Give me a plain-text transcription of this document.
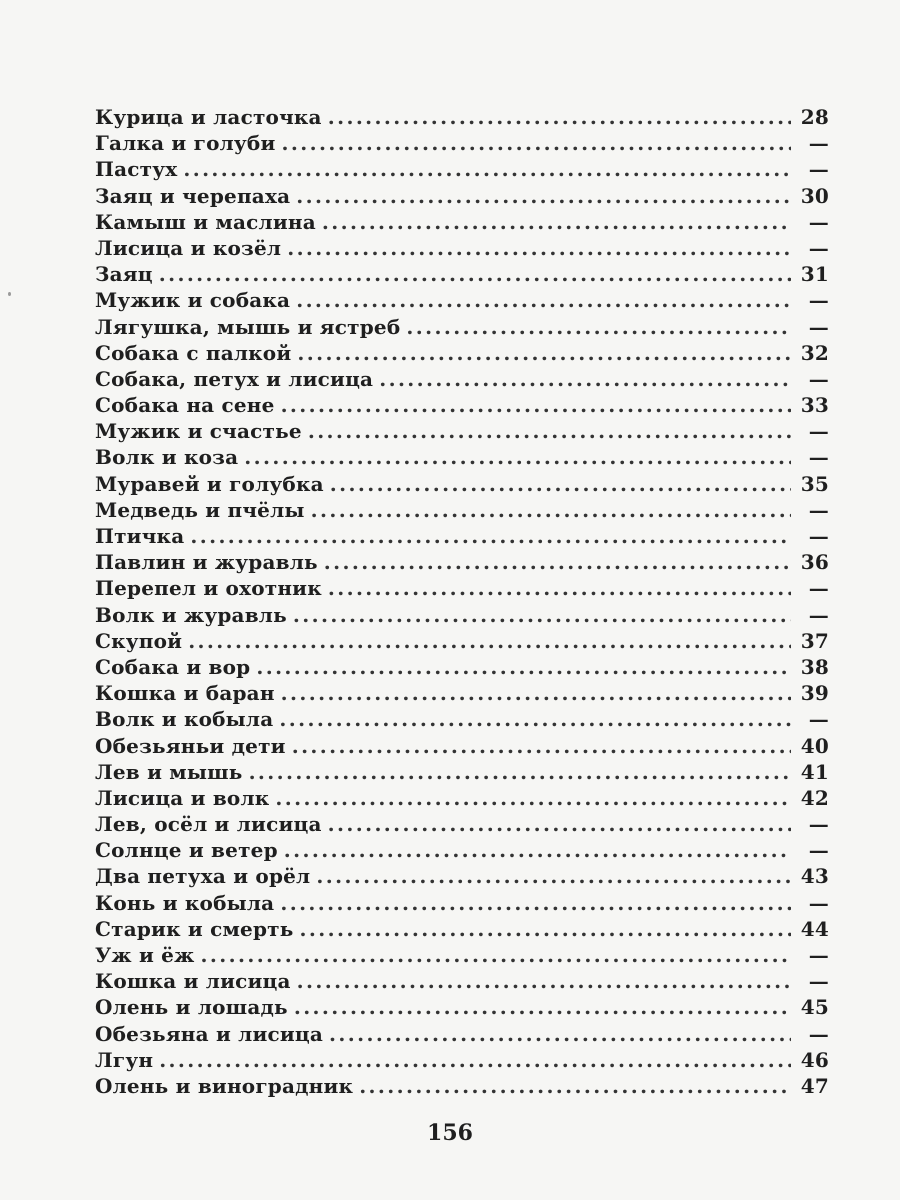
Курица и ласточка .....	28
Галка и голуби .....	—
Пастух .....	—
Заяц и черепаха .....	30
Камыш и маслина .....	—
Лисица и козёл .....	—
Заяц .....	31
Мужик и собака .....	—
Лягушка, мышь и ястреб .....	—
Собака с палкой .....	32
Собака, петух и лисица .....	—
Собака на сене .....	33
Мужик и счастье .....	—
Волк и коза .....	—
Муравей и голубка .....	35
Медведь и пчёлы .....	—
Птичка .....	—
Павлин и журавль .....	36
Перепел и охотник .....	—
Волк и журавль .....	—
Скупой .....	37
Собака и вор .....	38
Кошка и баран .....	39
Волк и кобыла .....	—
Обезьяньи дети .....	40
Лев и мышь .....	41
Лисица и волк .....	42
Лев, осёл и лисица .....	—
Солнце и ветер .....	—
Два петуха и орёл .....	43
Конь и кобыла .....	—
Старик и смерть .....	44
Уж и ёж .....	—
Кошка и лисица .....	—
Олень и лошадь .....	45
Обезьяна и лисица .....	—
Лгун .....	46
Олень и виноградник .....	47
156
